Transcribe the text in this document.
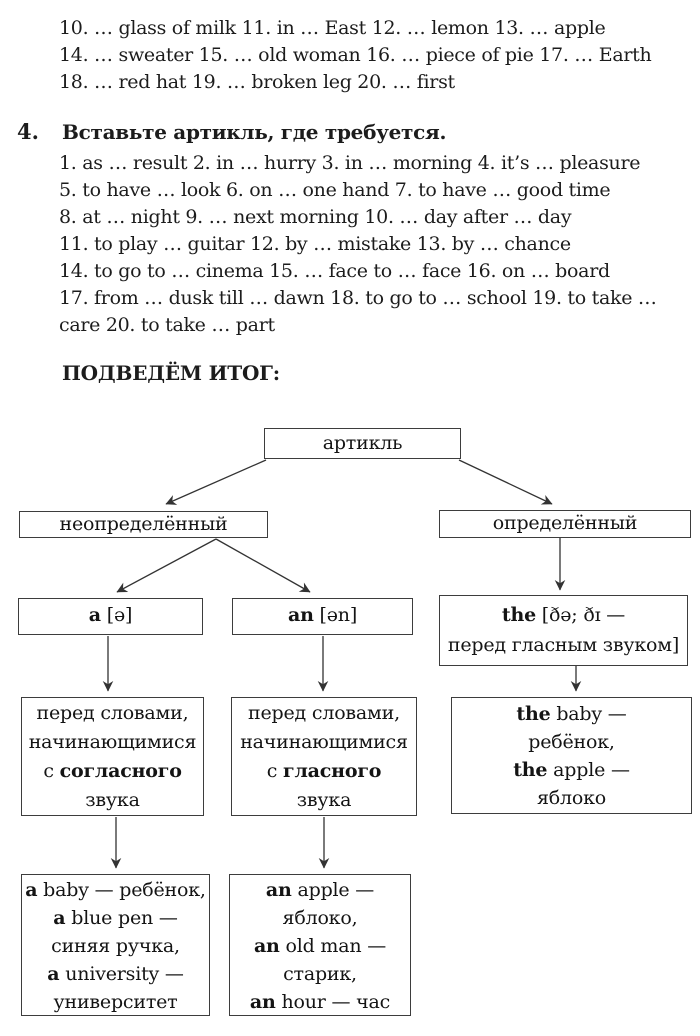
10. … glass of milk 11. in … East 12. … lemon 13. … apple
14. … sweater 15. … old woman 16. … piece of pie 17. … Earth
18. … red hat 19. … broken leg 20. … first
4. Вставьте артикль, где требуется.
1. as … result 2. in … hurry 3. in … morning 4. it’s … pleasure
5. to have … look 6. on … one hand 7. to have … good time
8. at … night 9. … next morning 10. … day after … day
11. to play … guitar 12. by … mistake 13. by … chance
14. to go to … cinema 15. … face to … face 16. on … board
17. from … dusk till … dawn 18. to go to … school 19. to take …
care 20. to take … part
ПОДВЕДЁМ ИТОГ:
артикль
неопределённый	определённый
a [ə]	an [ən]	the [ðə; ðɪ —
перед гласным звуком]
перед словами,
начинающимися
с согласного
звука
перед словами,
начинающимися
с гласного
звука
the baby —
ребёнок,
the apple —
яблоко
a baby — ребёнок,
a blue pen —
синяя ручка,
a university —
университет
an apple —
яблоко,
an old man —
старик,
an hour — час
